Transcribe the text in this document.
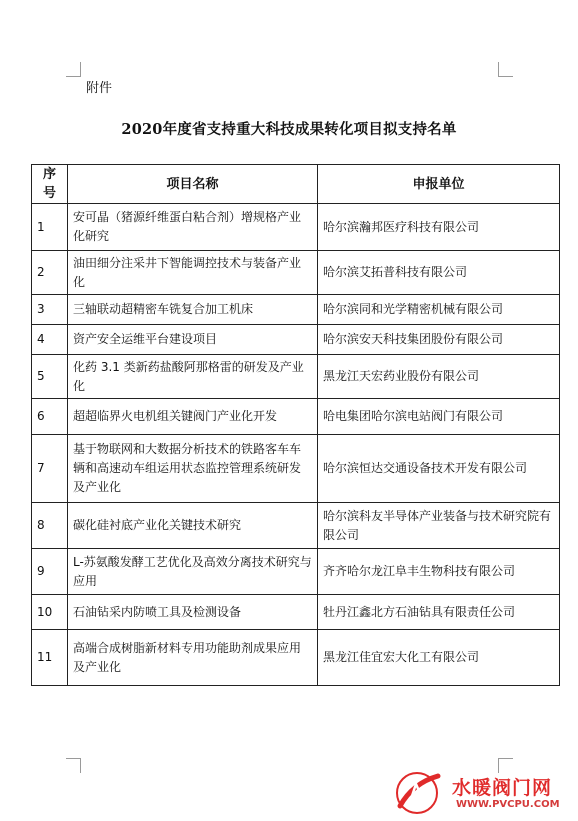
附件
2020年度省支持重大科技成果转化项目拟支持名单
序号	项目名称	申报单位
1	安可晶（猪源纤维蛋白粘合剂）增规格产业化研究	哈尔滨瀚邦医疗科技有限公司
2	油田细分注采井下智能调控技术与装备产业化	哈尔滨艾拓普科技有限公司
3	三轴联动超精密车铣复合加工机床	哈尔滨同和光学精密机械有限公司
4	资产安全运维平台建设项目	哈尔滨安天科技集团股份有限公司
5	化药 3.1 类新药盐酸阿那格雷的研发及产业化	黑龙江天宏药业股份有限公司
6	超超临界火电机组关键阀门产业化开发	哈电集团哈尔滨电站阀门有限公司
7	基于物联网和大数据分析技术的铁路客车车辆和高速动车组运用状态监控管理系统研发及产业化	哈尔滨恒达交通设备技术开发有限公司
8	碳化硅衬底产业化关键技术研究	哈尔滨科友半导体产业装备与技术研究院有限公司
9	L-苏氨酸发酵工艺优化及高效分离技术研究与应用	齐齐哈尔龙江阜丰生物科技有限公司
10	石油钻采内防喷工具及检测设备	牡丹江鑫北方石油钻具有限责任公司
11	高端合成树脂新材料专用功能助剂成果应用及产业化	黑龙江佳宜宏大化工有限公司
水暖阀门网
WWW.PVCPU.COM
